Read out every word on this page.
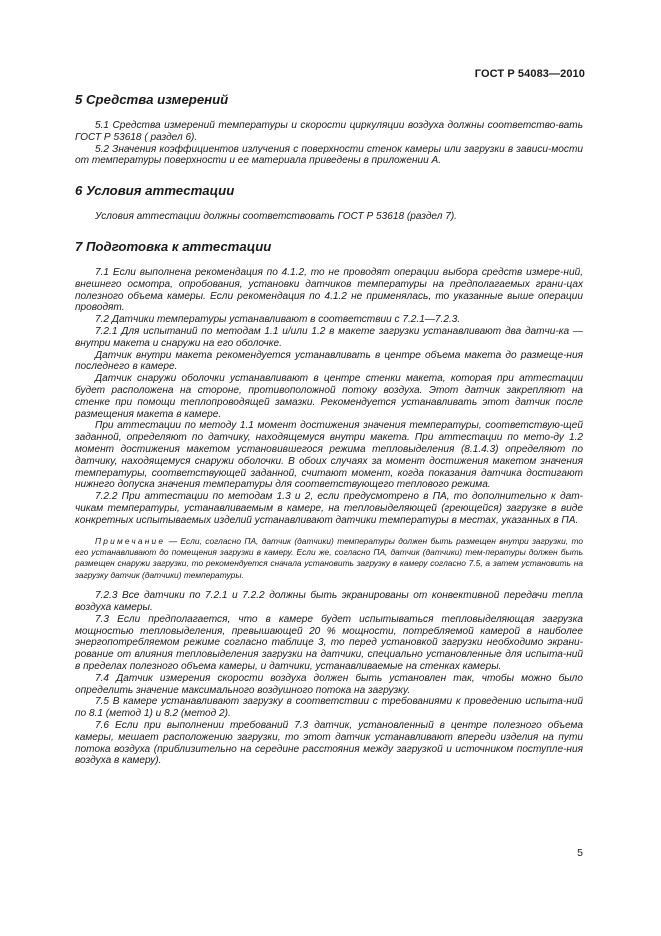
ГОСТ Р 54083—2010
5 Средства измерений

5.1 Средства измерений температуры и скорости циркуляции воздуха должны соответство-вать ГОСТ Р 53618 ( раздел 6).

5.2 Значения коэффициентов излучения с поверхности стенок камеры или загрузки в зависи-мости от температуры поверхности и ее материала приведены в приложении А.

6 Условия аттестации

Условия аттестации должны соответствовать ГОСТ Р 53618 (раздел 7).

7 Подготовка к аттестации

7.1 Если выполнена рекомендация по 4.1.2, то не проводят операции выбора средств измере-ний, внешнего осмотра, опробования, установки датчиков температуры на предполагаемых грани-цах полезного объема камеры. Если рекомендация по 4.1.2 не применялась, то указанные выше операции проводят.

7.2 Датчики температуры устанавливают в соответствии с 7.2.1—7.2.3.

7.2.1 Для испытаний по методам 1.1 и/или 1.2 в макете загрузки устанавливают два датчи-ка — внутри макета и снаружи на его оболочке.

Датчик внутри макета рекомендуется устанавливать в центре объема макета до размеще-ния последнего в камере.

Датчик снаружи оболочки устанавливают в центре стенки макета, которая при аттестации будет расположена на стороне, противоположной потоку воздуха. Этот датчик закрепляют на стенке при помощи теплопроводящей замазки. Рекомендуется устанавливать этот датчик после размещения макета в камере.

При аттестации по методу 1.1 момент достижения значения температуры, соответствую-щей заданной, определяют по датчику, находящемуся внутри макета. При аттестации по мето-ду 1.2 момент достижения макетом установившегося режима тепловыделения (8.1.4.3) определяют по датчику, находящемуся снаружи оболочки. В обоих случаях за момент достижения макетом значения температуры, соответствующей заданной, считают момент, когда показания датчика достигают нижнего допуска значения температуры для соответствующего теплового режима.

7.2.2 При аттестации по методам 1.3 и 2, если предусмотрено в ПА, то дополнительно к дат-чикам температуры, устанавливаемым в камере, на тепловыделяющей (греющейся) загрузке в виде конкретных испытываемых изделий устанавливают датчики температуры в местах, указанных в ПА.

Примечание — Если, согласно ПА, датчик (датчики) температуры должен быть размещен внутри загрузки, то его устанавливают до помещения загрузки в камеру. Если же, согласно ПА, датчик (датчики) тем-пературы должен быть размещен снаружи загрузки, то рекомендуется сначала установить загрузку в камеру согласно 7.5, а затем установить на загрузку датчик (датчики) температуры.

7.2.3 Все датчики по 7.2.1 и 7.2.2 должны быть экранированы от конвективной передачи тепла воздуха камеры.

7.3 Если предполагается, что в камере будет испытываться тепловыделяющая загрузка мощностью тепловыделения, превышающей 20 % мощности, потребляемой камерой в наиболее энергопотребляемом режиме согласно таблице 3, то перед установкой загрузки необходимо экрани-рование от влияния тепловыделения загрузки на датчики, специально установленные для испыта-ний в пределах полезного объема камеры, и датчики, устанавливаемые на стенках камеры.

7.4 Датчик измерения скорости воздуха должен быть установлен так, чтобы можно было определить значение максимального воздушного потока на загрузку.

7.5 В камере устанавливают загрузку в соответствии с требованиями к проведению испыта-ний по 8.1 (метод 1) и 8.2 (метод 2).

7.6 Если при выполнении требований 7.3 датчик, установленный в центре полезного объема камеры, мешает расположению загрузки, то этот датчик устанавливают впереди изделия на пути потока воздуха (приблизительно на середине расстояния между загрузкой и источником поступле-ния воздуха в камеру).

5
